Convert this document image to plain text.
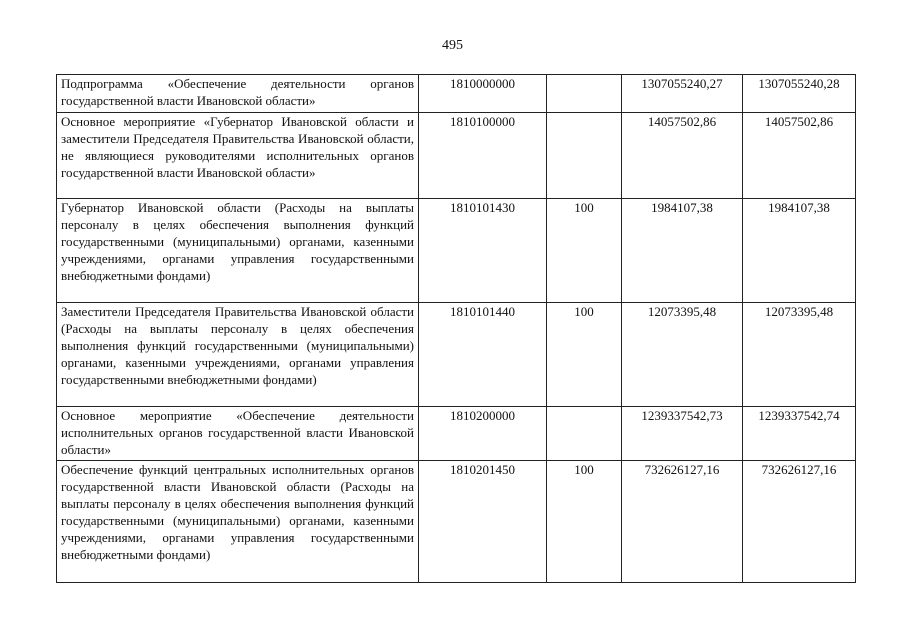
495
Подпрограмма «Обеспечение деятельности органов государственной власти Ивановской области»	1810000000		1307055240,27	1307055240,28
Основное мероприятие «Губернатор Ивановской области и заместители Председателя Правительства Ивановской области, не являющиеся руководителями исполнительных органов государственной власти Ивановской области»	1810100000		14057502,86	14057502,86
Губернатор Ивановской области (Расходы на выплаты персоналу в целях обеспечения выполнения функций государственными (муниципальными) органами, казенными учреждениями, органами управления государственными внебюджетными фондами)	1810101430	100	1984107,38	1984107,38
Заместители Председателя Правительства Ивановской области (Расходы на выплаты персоналу в целях обеспечения выполнения функций государственными (муниципальными) органами, казенными учреждениями, органами управления государственными внебюджетными фондами)	1810101440	100	12073395,48	12073395,48
Основное мероприятие «Обеспечение деятельности исполнительных органов государственной власти Ивановской области»	1810200000		1239337542,73	1239337542,74
Обеспечение функций центральных исполнительных органов государственной власти Ивановской области (Расходы на выплаты персоналу в целях обеспечения выполнения функций государственными (муниципальными) органами, казенными учреждениями, органами управления государственными внебюджетными фондами)	1810201450	100	732626127,16	732626127,16
